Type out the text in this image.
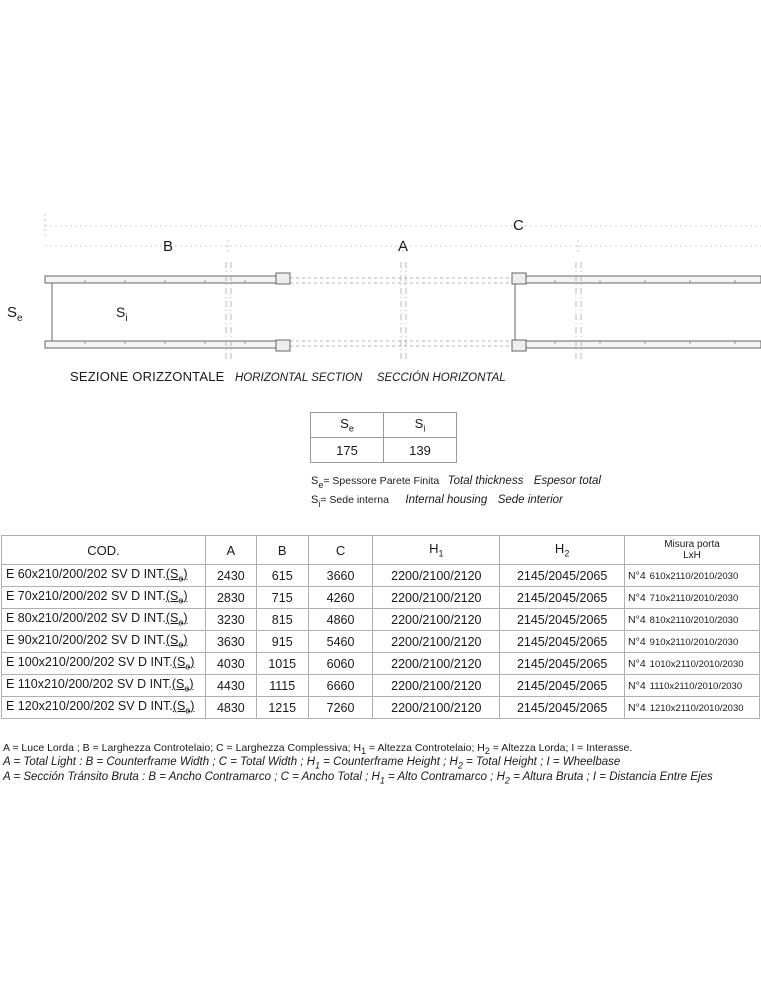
C
B	A
$S_e$	$S_i$
SEZIONE ORIZZONTALE HORIZONTAL SECTION SECCIÓN HORIZONTAL
$S_e$	$S_i$
175	139
$S_e=$ Spessore Parete Finita Total thickness Espesor total
$S_i=$ Sede interna Internal housing Sede interior
COD.	A	B	C	$H_1$	$H_2$	Misura porta
LxH

E 60x210/200/202 SV D $INT.(S_e)$	2430	615	3660	2200/2100/2120	2145/2045/2065	N°4 610x2110/2010/2030
E 70x210/200/202 SV D $INT.(S_e)$	2830	715	4260	2200/2100/2120	2145/2045/2065	N°4 710x2110/2010/2030
E 80x210/200/202 SV D $INT.(S_e)$	3230	815	4860	2200/2100/2120	2145/2045/2065	N°4 810x2110/2010/2030
E 90x210/200/202 SV D $INT.(S_e)$	3630	915	5460	2200/2100/2120	2145/2045/2065	N°4 910x2110/2010/2030
E 100x210/200/202 SV D $INT.(S_e)$	4030	1015	6060	2200/2100/2120	2145/2045/2065	N°4 1010x2110/2010/2030
E 110x210/200/202 SV D $INT.(S_e)$	4430	1115	6660	2200/2100/2120	2145/2045/2065	N°4 1110x2110/2010/2030
E 120x210/200/202 SV D $INT.(S_e)$	4830	1215	7260	2200/2100/2120	2145/2045/2065	N°4 1210x2110/2010/2030
A = Luce Lorda ; B = Larghezza Controtelaio; C = Larghezza Complessiva; H1 = Altezza Controtelaio; H2 = Altezza Lorda; I = Interasse.
A = Total Light : B = Counterframe Width ; C = Total Width ; $H_1$ = Counterframe Height ; $H_2$ = Total Height ; I = Wheelbase
A = Sección Tránsito Bruta : B = Ancho Contramarco ; C = Ancho Total ; $H_1$ = Alto Contramarco ; $H_2$ = Altura Bruta ; I = Distancia Entre Ejes
